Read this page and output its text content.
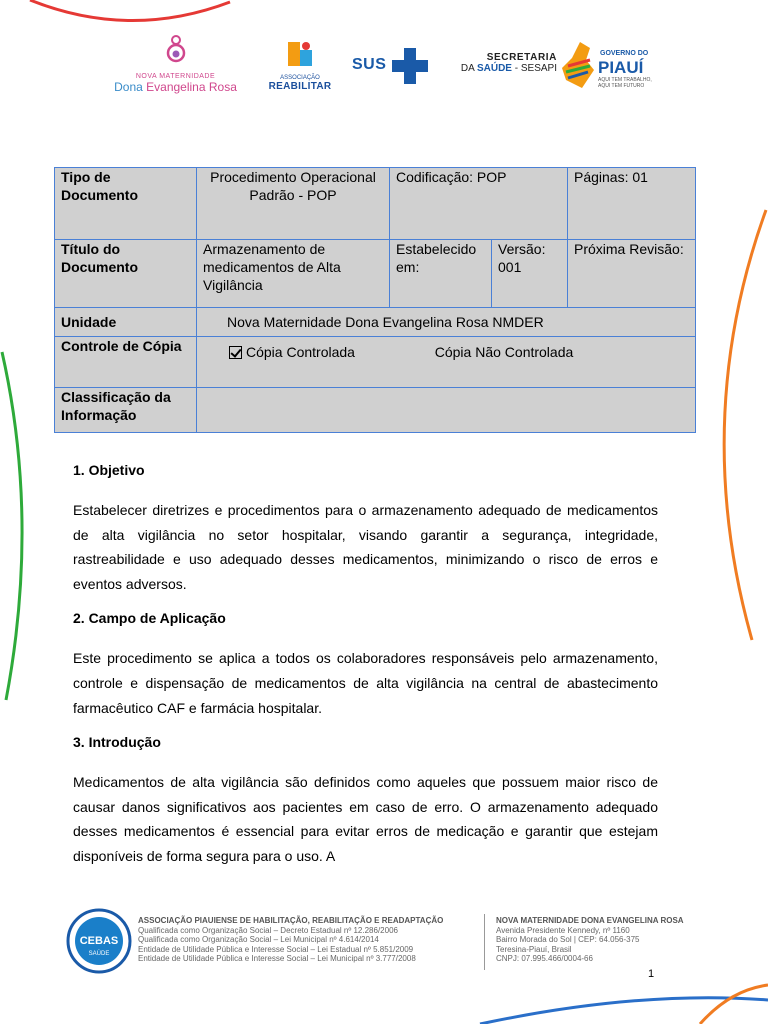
NOVA MATERNIDADE
Dona Evangelina Rosa
ASSOCIAÇÃO
REABILITAR
SUS	SECRETARIA
DA SAÚDE - SESAPI
GOVERNO DO
PIAUÍ
AQUI TEM TRABALHO, AQUI TEM FUTURO
Tipo de Documento	Procedimento Operacional Padrão - POP	Codificação: POP		Páginas: 01
Título do Documento	Armazenamento de medicamentos de Alta Vigilância	Estabelecido em:	Versão: 001	Próxima Revisão:
Unidade	Nova Maternidade Dona Evangelina Rosa NMDER			
Controle de Cópia	Cópia Controlada Cópia Não Controlada			
Classificação da Informação				
1. Objetivo

Estabelecer diretrizes e procedimentos para o armazenamento adequado de medicamentos de alta vigilância no setor hospitalar, visando garantir a segurança, integridade, rastreabilidade e uso adequado desses medicamentos, minimizando o risco de erros e eventos adversos.

2. Campo de Aplicação

Este procedimento se aplica a todos os colaboradores responsáveis pelo armazenamento, controle e dispensação de medicamentos de alta vigilância na central de abastecimento farmacêutico CAF e farmácia hospitalar.

3. Introdução

Medicamentos de alta vigilância são definidos como aqueles que possuem maior risco de causar danos significativos aos pacientes em caso de erro. O armazenamento adequado desses medicamentos é essencial para evitar erros de medicação e garantir que estejam disponíveis de forma segura para o uso. A

CEBAS
SAÚDE
ASSOCIAÇÃO PIAUIENSE DE HABILITAÇÃO, REABILITAÇÃO E READAPTAÇÃO
Qualificada como Organização Social – Decreto Estadual nº 12.286/2006
Qualificada como Organização Social – Lei Municipal nº 4.614/2014
Entidade de Utilidade Pública e Interesse Social – Lei Estadual nº 5.851/2009
Entidade de Utilidade Pública e Interesse Social – Lei Municipal nº 3.777/2008
NOVA MATERNIDADE DONA EVANGELINA ROSA
Avenida Presidente Kennedy, nº 1160
Bairro Morada do Sol | CEP: 64.056-375
Teresina-Piauí, Brasil
CNPJ: 07.995.466/0004-66
1
